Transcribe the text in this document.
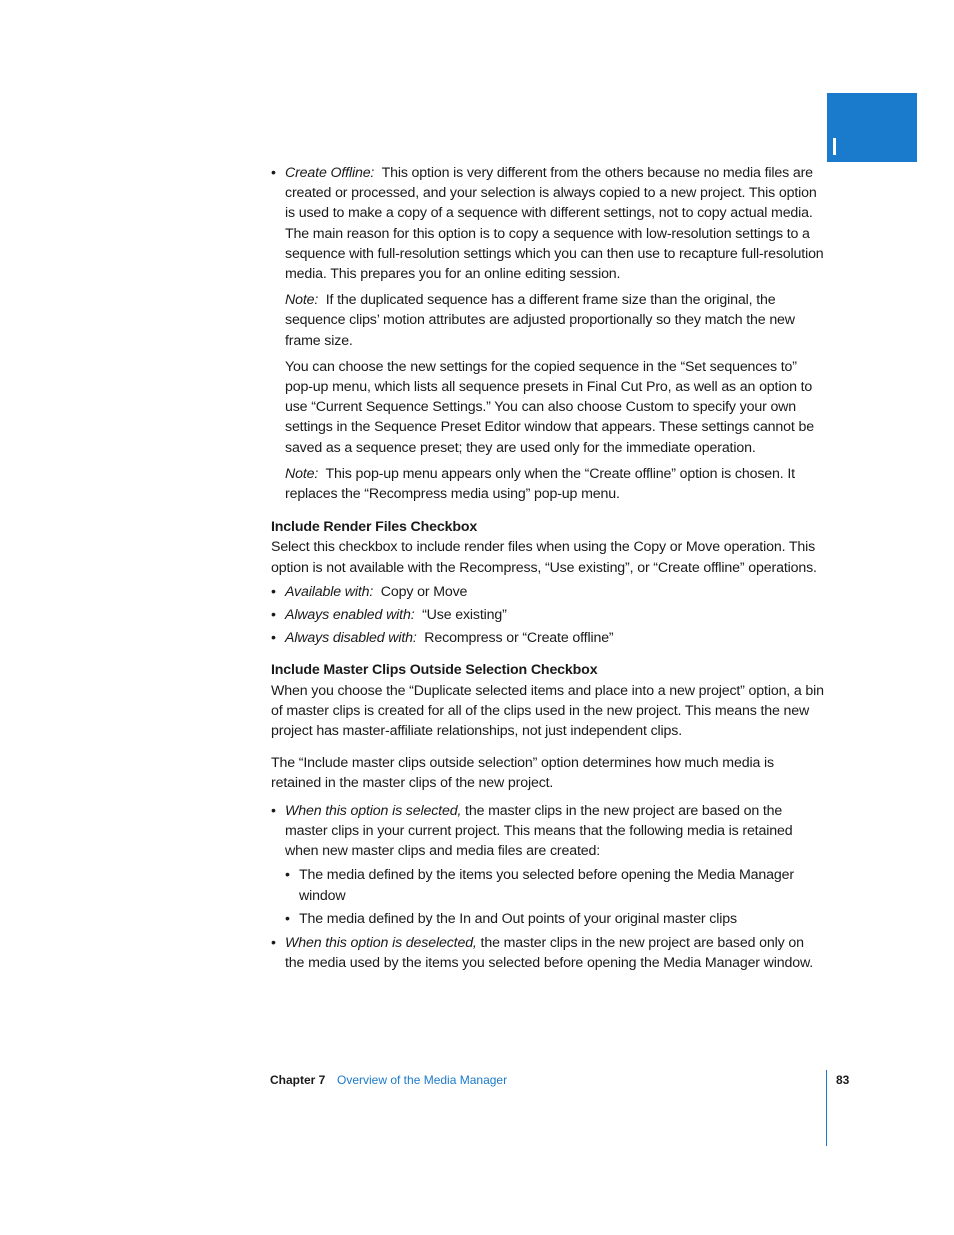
• Create Offline: This option is very different from the others because no media files are created or processed, and your selection is always copied to a new project. This option is used to make a copy of a sequence with different settings, not to copy actual media. The main reason for this option is to copy a sequence with low-resolution settings to a sequence with full-resolution settings which you can then use to recapture full-resolution media. This prepares you for an online editing session.

Note: If the duplicated sequence has a different frame size than the original, the sequence clips’ motion attributes are adjusted proportionally so they match the new frame size.

You can choose the new settings for the copied sequence in the “Set sequences to” pop-up menu, which lists all sequence presets in Final Cut Pro, as well as an option to use “Current Sequence Settings.” You can also choose Custom to specify your own settings in the Sequence Preset Editor window that appears. These settings cannot be saved as a sequence preset; they are used only for the immediate operation.

Note: This pop-up menu appears only when the “Create offline” option is chosen. It replaces the “Recompress media using” pop-up menu.

Include Render Files Checkbox

Select this checkbox to include render files when using the Copy or Move operation. This option is not available with the Recompress, “Use existing”, or “Create offline” operations.

• Available with: Copy or Move

• Always enabled with: “Use existing”

• Always disabled with: Recompress or “Create offline”

Include Master Clips Outside Selection Checkbox

When you choose the “Duplicate selected items and place into a new project” option, a bin of master clips is created for all of the clips used in the new project. This means the new project has master-affiliate relationships, not just independent clips.

The “Include master clips outside selection” option determines how much media is retained in the master clips of the new project.

• When this option is selected, the master clips in the new project are based on the master clips in your current project. This means that the following media is retained when new master clips and media files are created:

• The media defined by the items you selected before opening the Media Manager window

• The media defined by the In and Out points of your original master clips

• When this option is deselected, the master clips in the new project are based only on the media used by the items you selected before opening the Media Manager window.

Chapter 7 Overview of the Media Manager	83
